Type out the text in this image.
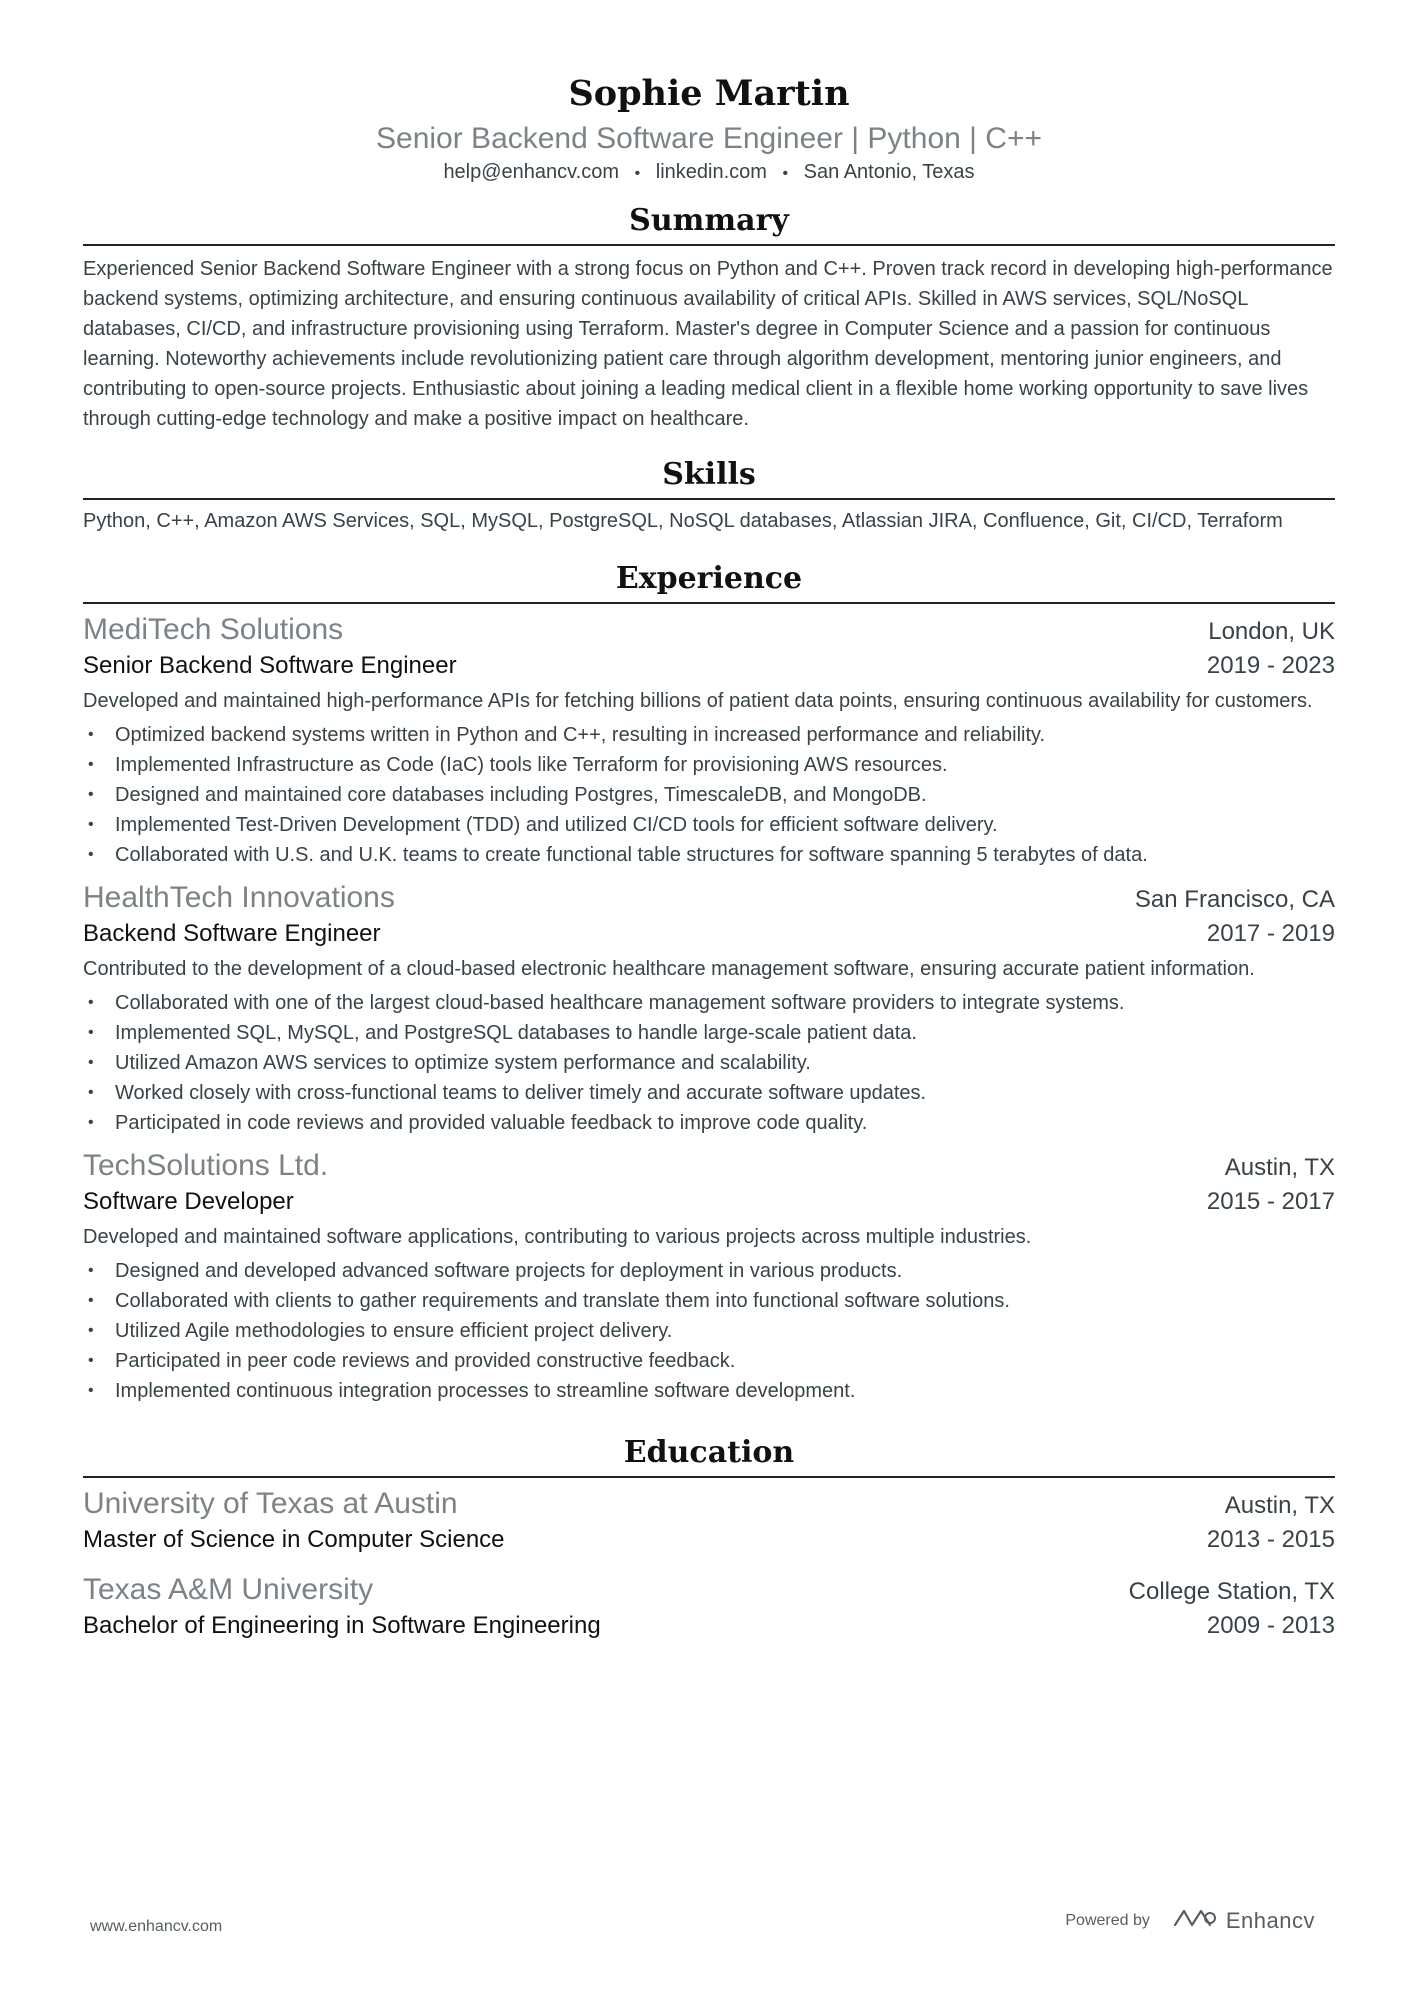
Sophie Martin
Senior Backend Software Engineer | Python | C++
help@enhancv.com • linkedin.com • San Antonio, Texas
Summary
Experienced Senior Backend Software Engineer with a strong focus on Python and C++. Proven track record in developing high-performance backend systems, optimizing architecture, and ensuring continuous availability of critical APIs. Skilled in AWS services, SQL/NoSQL databases, CI/CD, and infrastructure provisioning using Terraform. Master's degree in Computer Science and a passion for continuous learning. Noteworthy achievements include revolutionizing patient care through algorithm development, mentoring junior engineers, and contributing to open-source projects. Enthusiastic about joining a leading medical client in a flexible home working opportunity to save lives through cutting-edge technology and make a positive impact on healthcare.
Skills
Python, C++, Amazon AWS Services, SQL, MySQL, PostgreSQL, NoSQL databases, Atlassian JIRA, Confluence, Git, CI/CD, Terraform
Experience
MediTech Solutions	London, UK
Senior Backend Software Engineer	2019 - 2023
Developed and maintained high-performance APIs for fetching billions of patient data points, ensuring continuous availability for customers.
• Optimized backend systems written in Python and C++, resulting in increased performance and reliability.
• Implemented Infrastructure as Code (IaC) tools like Terraform for provisioning AWS resources.
• Designed and maintained core databases including Postgres, TimescaleDB, and MongoDB.
• Implemented Test-Driven Development (TDD) and utilized CI/CD tools for efficient software delivery.
• Collaborated with U.S. and U.K. teams to create functional table structures for software spanning 5 terabytes of data.
HealthTech Innovations	San Francisco, CA
Backend Software Engineer	2017 - 2019
Contributed to the development of a cloud-based electronic healthcare management software, ensuring accurate patient information.
• Collaborated with one of the largest cloud-based healthcare management software providers to integrate systems.
• Implemented SQL, MySQL, and PostgreSQL databases to handle large-scale patient data.
• Utilized Amazon AWS services to optimize system performance and scalability.
• Worked closely with cross-functional teams to deliver timely and accurate software updates.
• Participated in code reviews and provided valuable feedback to improve code quality.
TechSolutions Ltd.	Austin, TX
Software Developer	2015 - 2017
Developed and maintained software applications, contributing to various projects across multiple industries.
• Designed and developed advanced software projects for deployment in various products.
• Collaborated with clients to gather requirements and translate them into functional software solutions.
• Utilized Agile methodologies to ensure efficient project delivery.
• Participated in peer code reviews and provided constructive feedback.
• Implemented continuous integration processes to streamline software development.
Education
University of Texas at Austin	Austin, TX
Master of Science in Computer Science	2013 - 2015
Texas A&M University	College Station, TX
Bachelor of Engineering in Software Engineering	2009 - 2013
www.enhancv.com	Powered by	Enhancv
